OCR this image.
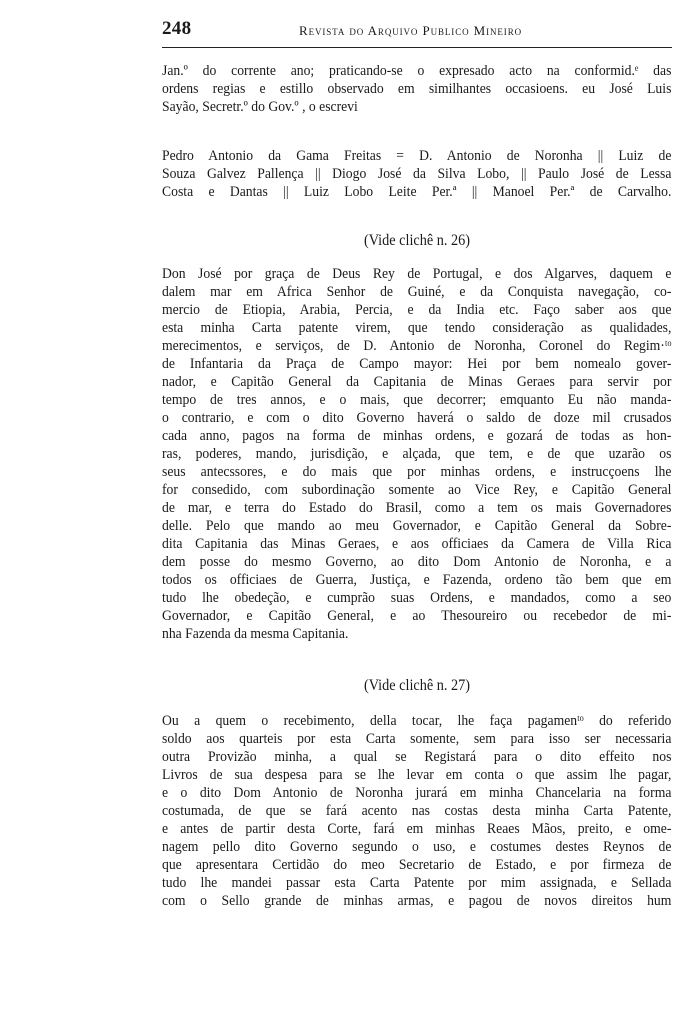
248	Revista do Arquivo Publico Mineiro
Jan.º do corrente ano; praticando-se o expresado acto na conformid.ᵉ das
ordens regias e estillo observado em similhantes occasioens. eu José Luis
Sayão, Secretr.º do Gov.º , o escrevi
Pedro Antonio da Gama Freitas = D. Antonio de Noronha || Luiz de
Souza Galvez Pallença || Diogo José da Silva Lobo, || Paulo José de Lessa
Costa e Dantas || Luiz Lobo Leite Per.ª || Manoel Per.ª de Carvalho.
(Vide clichê n. 26)
Don José por graça de Deus Rey de Portugal, e dos Algarves, daquem e
dalem mar em Africa Senhor de Guiné, e da Conquista navegação, co-
mercio de Etiopia, Arabia, Percia, e da India etc. Faço saber aos que
esta minha Carta patente virem, que tendo consideração as qualidades,
merecimentos, e serviços, de D. Antonio de Noronha, Coronel do Regim·ᵗᵒ
de Infantaria da Praça de Campo mayor: Hei por bem nomealo gover-
nador, e Capitão General da Capitania de Minas Geraes para servir por
tempo de tres annos, e o mais, que decorrer; emquanto Eu não manda-
o contrario, e com o dito Governo haverá o saldo de doze mil crusados
cada anno, pagos na forma de minhas ordens, e gozará de todas as hon-
ras, poderes, mando, jurisdição, e alçada, que tem, e de que uzarão os
seus antecssores, e do mais que por minhas ordens, e instrucçoens lhe
for consedido, com subordinação somente ao Vice Rey, e Capitão General
de mar, e terra do Estado do Brasil, como a tem os mais Governadores
delle. Pelo que mando ao meu Governador, e Capitão General da Sobre-
dita Capitania das Minas Geraes, e aos officiaes da Camera de Villa Rica
dem posse do mesmo Governo, ao dito Dom Antonio de Noronha, e a
todos os officiaes de Guerra, Justiça, e Fazenda, ordeno tão bem que em
tudo lhe obedeção, e cumprão suas Ordens, e mandados, como a seo
Governador, e Capitão General, e ao Thesoureiro ou recebedor de mi-
nha Fazenda da mesma Capitania.
(Vide clichê n. 27)
Ou a quem o recebimento, della tocar, lhe faça pagamenᵗᵒ do referido
soldo aos quarteis por esta Carta somente, sem para isso ser necessaria
outra Provizão minha, a qual se Registará para o dito effeito nos
Livros de sua despesa para se lhe levar em conta o que assim lhe pagar,
e o dito Dom Antonio de Noronha jurará em minha Chancelaria na forma
costumada, de que se fará acento nas costas desta minha Carta Patente,
e antes de partir desta Corte, fará em minhas Reaes Mãos, preito, e ome-
nagem pello dito Governo segundo o uso, e costumes destes Reynos de
que apresentara Certidão do meo Secretario de Estado, e por firmeza de
tudo lhe mandei passar esta Carta Patente por mim assignada, e Sellada
com o Sello grande de minhas armas, e pagou de novos direitos hum
